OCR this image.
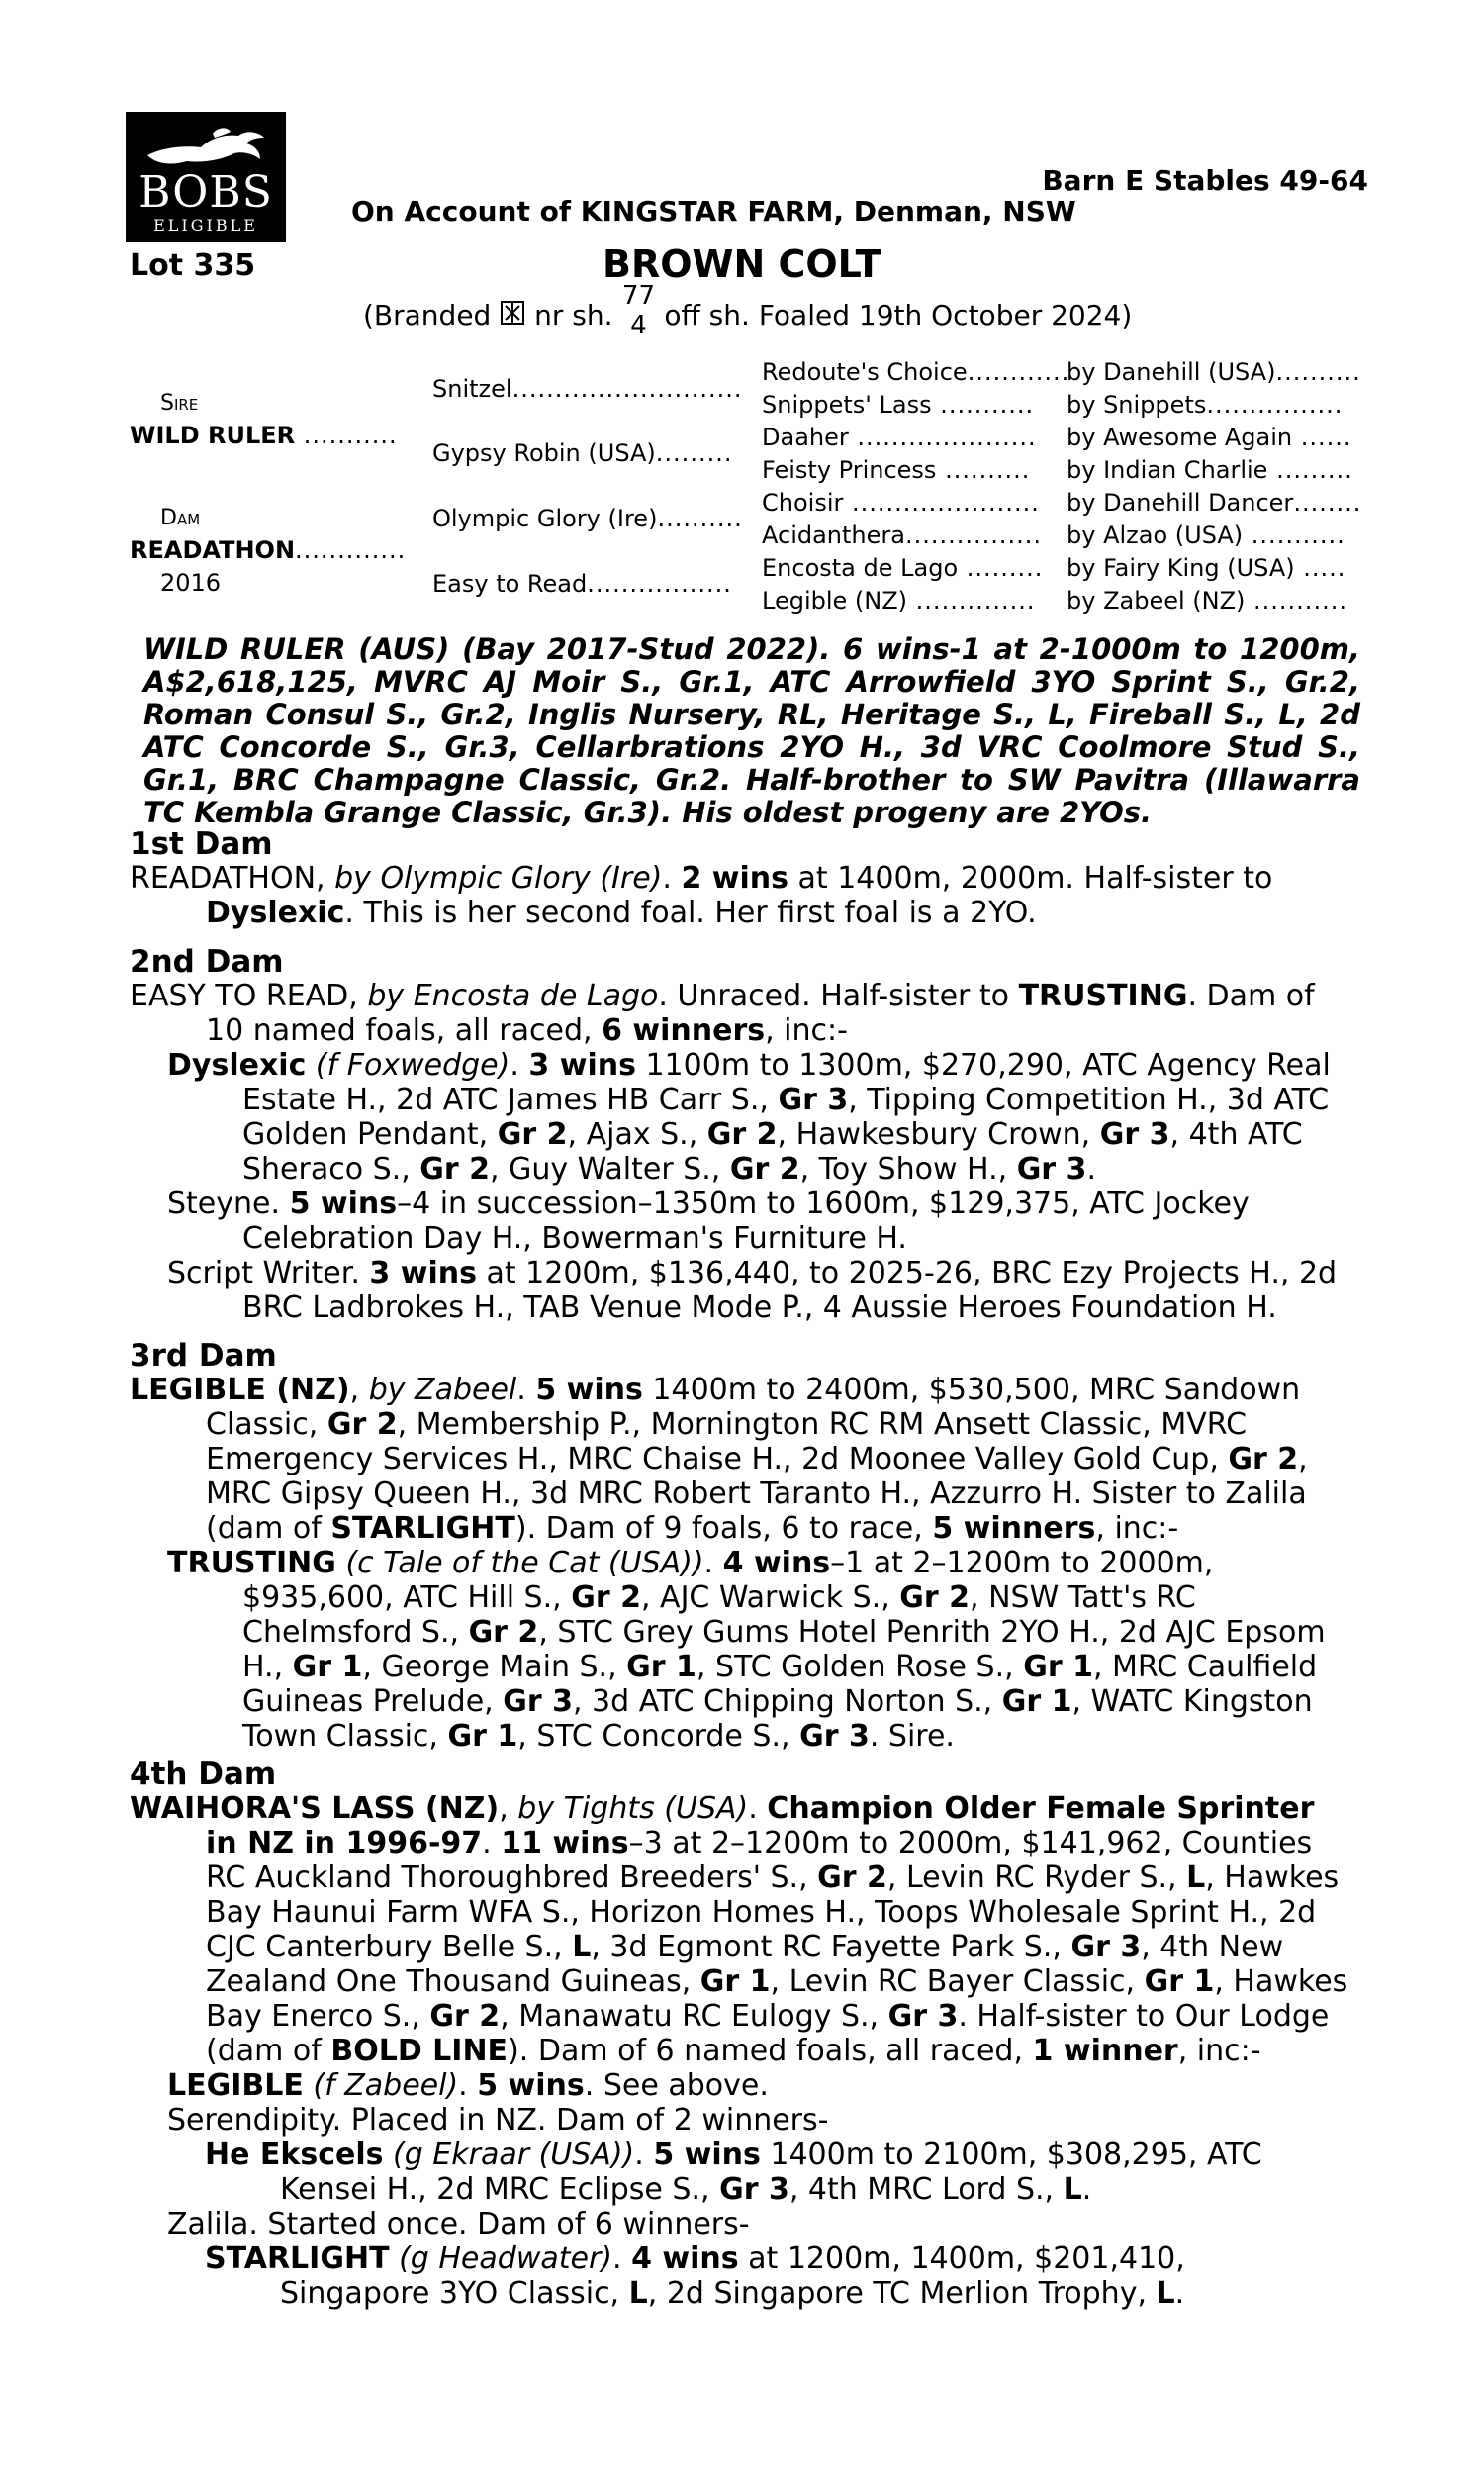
BOBS
ELIGIBLE
Barn E Stables 49-64
On Account of KINGSTAR FARM, Denman, NSW
Lot 335	BROWN COLT
(Branded nr sh.
77
4 off sh. Foaled 19th October 2024)
Sire
WILD RULER ...........
Dam
READATHON.............
2016
Snitzel...........................
Gypsy Robin (USA).........
Olympic Glory (Ire)..........
Easy to Read.................
Redoute's Choice............
Snippets' Lass ...........
Daaher .....................
Feisty Princess ..........
Choisir ......................
Acidanthera................
Encosta de Lago .........
Legible (NZ) ..............
by Danehill (USA)..........
by Snippets................
by Awesome Again ......
by Indian Charlie .........
by Danehill Dancer........
by Alzao (USA) ...........
by Fairy King (USA) .....
by Zabeel (NZ) ...........
WILD RULER (AUS) (Bay 2017-Stud 2022). 6 wins-1 at 2-1000m to 1200m, A$2,618,125, MVRC AJ Moir S., Gr.1, ATC Arrowfield 3YO Sprint S., Gr.2, Roman Consul S., Gr.2, Inglis Nursery, RL, Heritage S., L, Fireball S., L, 2d ATC Concorde S., Gr.3, Cellarbrations 2YO H., 3d VRC Coolmore Stud S., Gr.1, BRC Champagne Classic, Gr.2. Half-brother to SW Pavitra (Illawarra TC Kembla Grange Classic, Gr.3). His oldest progeny are 2YOs.
1st Dam
READATHON, by Olympic Glory (Ire). 2 wins at 1400m, 2000m. Half-sister to
Dyslexic. This is her second foal. Her first foal is a 2YO.
2nd Dam
EASY TO READ, by Encosta de Lago. Unraced. Half-sister to TRUSTING. Dam of
10 named foals, all raced, 6 winners, inc:-
Dyslexic (f Foxwedge). 3 wins 1100m to 1300m, $270,290, ATC Agency Real
Estate H., 2d ATC James HB Carr S., Gr 3, Tipping Competition H., 3d ATC
Golden Pendant, Gr 2, Ajax S., Gr 2, Hawkesbury Crown, Gr 3, 4th ATC
Sheraco S., Gr 2, Guy Walter S., Gr 2, Toy Show H., Gr 3.
Steyne. 5 wins–4 in succession–1350m to 1600m, $129,375, ATC Jockey
Celebration Day H., Bowerman's Furniture H.
Script Writer. 3 wins at 1200m, $136,440, to 2025-26, BRC Ezy Projects H., 2d
BRC Ladbrokes H., TAB Venue Mode P., 4 Aussie Heroes Foundation H.
3rd Dam
LEGIBLE (NZ), by Zabeel. 5 wins 1400m to 2400m, $530,500, MRC Sandown
Classic, Gr 2, Membership P., Mornington RC RM Ansett Classic, MVRC
Emergency Services H., MRC Chaise H., 2d Moonee Valley Gold Cup, Gr 2,
MRC Gipsy Queen H., 3d MRC Robert Taranto H., Azzurro H. Sister to Zalila
(dam of STARLIGHT). Dam of 9 foals, 6 to race, 5 winners, inc:-
TRUSTING (c Tale of the Cat (USA)). 4 wins–1 at 2–1200m to 2000m,
$935,600, ATC Hill S., Gr 2, AJC Warwick S., Gr 2, NSW Tatt's RC
Chelmsford S., Gr 2, STC Grey Gums Hotel Penrith 2YO H., 2d AJC Epsom
H., Gr 1, George Main S., Gr 1, STC Golden Rose S., Gr 1, MRC Caulfield
Guineas Prelude, Gr 3, 3d ATC Chipping Norton S., Gr 1, WATC Kingston
Town Classic, Gr 1, STC Concorde S., Gr 3. Sire.
4th Dam
WAIHORA'S LASS (NZ), by Tights (USA). Champion Older Female Sprinter
in NZ in 1996-97. 11 wins–3 at 2–1200m to 2000m, $141,962, Counties
RC Auckland Thoroughbred Breeders' S., Gr 2, Levin RC Ryder S., L, Hawkes
Bay Haunui Farm WFA S., Horizon Homes H., Toops Wholesale Sprint H., 2d
CJC Canterbury Belle S., L, 3d Egmont RC Fayette Park S., Gr 3, 4th New
Zealand One Thousand Guineas, Gr 1, Levin RC Bayer Classic, Gr 1, Hawkes
Bay Enerco S., Gr 2, Manawatu RC Eulogy S., Gr 3. Half-sister to Our Lodge
(dam of BOLD LINE). Dam of 6 named foals, all raced, 1 winner, inc:-
LEGIBLE (f Zabeel). 5 wins. See above.
Serendipity. Placed in NZ. Dam of 2 winners-
He Ekscels (g Ekraar (USA)). 5 wins 1400m to 2100m, $308,295, ATC
Kensei H., 2d MRC Eclipse S., Gr 3, 4th MRC Lord S., L.
Zalila. Started once. Dam of 6 winners-
STARLIGHT (g Headwater). 4 wins at 1200m, 1400m, $201,410,
Singapore 3YO Classic, L, 2d Singapore TC Merlion Trophy, L.
